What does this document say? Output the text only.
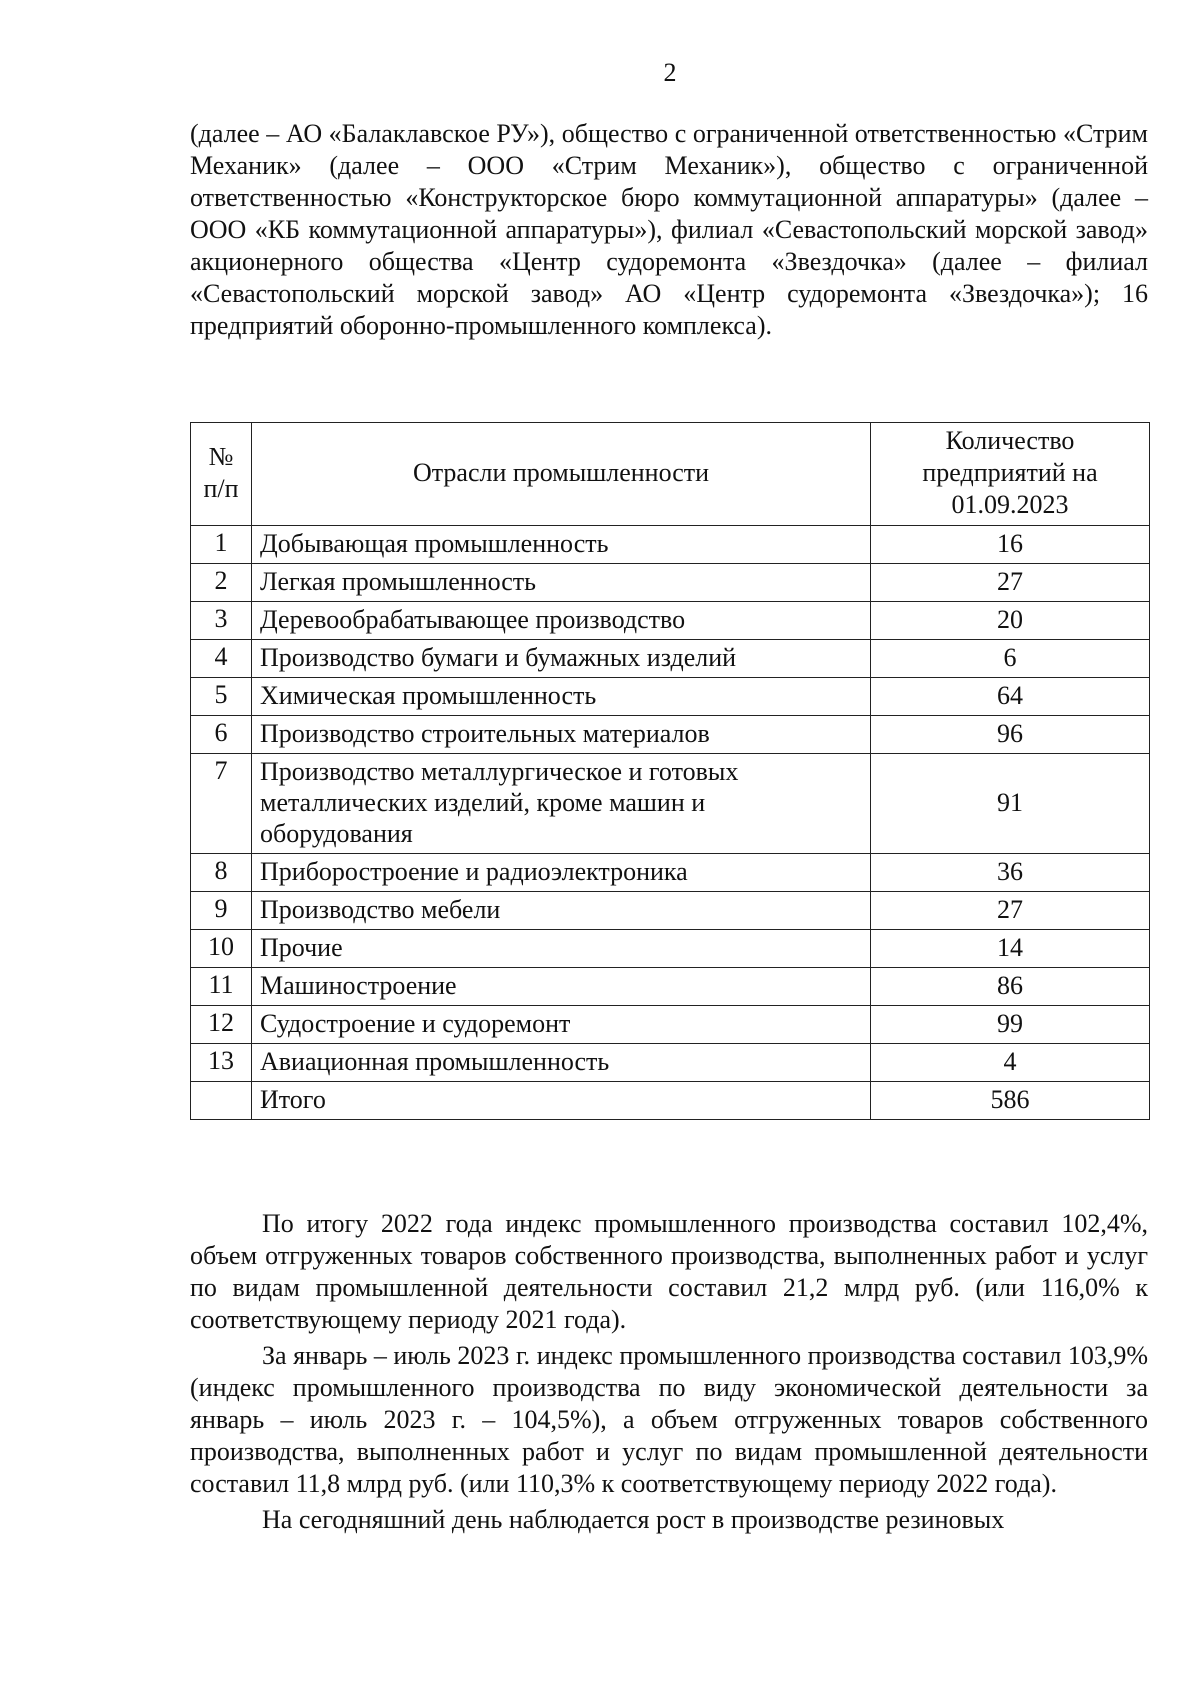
2

(далее – АО «Балаклавское РУ»), общество с ограниченной ответственностью «Стрим Механик» (далее – ООО «Стрим Механик»), общество с ограниченной ответственностью «Конструкторское бюро коммутационной аппаратуры» (далее – ООО «КБ коммутационной аппаратуры»), филиал «Севастопольский морской завод» акционерного общества «Центр судоремонта «Звездочка» (далее – филиал «Севастопольский морской завод» АО «Центр судоремонта «Звездочка»); 16 предприятий оборонно-промышленного комплекса).

№ п/п	Отрасли промышленности	Количество предприятий на 01.09.2023
1	Добывающая промышленность	16
2	Легкая промышленность	27
3	Деревообрабатывающее производство	20
4	Производство бумаги и бумажных изделий	6
5	Химическая промышленность	64
6	Производство строительных материалов	96
7	Производство металлургическое и готовых металлических изделий, кроме машин и оборудования	91
8	Приборостроение и радиоэлектроника	36
9	Производство мебели	27
10	Прочие	14
11	Машиностроение	86
12	Судостроение и судоремонт	99
13	Авиационная промышленность	4
	Итого	586

По итогу 2022 года индекс промышленного производства составил 102,4%, объем отгруженных товаров собственного производства, выполненных работ и услуг по видам промышленной деятельности составил 21,2 млрд руб. (или 116,0% к соответствующему периоду 2021 года).

За январь – июль 2023 г. индекс промышленного производства составил 103,9% (индекс промышленного производства по виду экономической деятельности за январь – июль 2023 г. – 104,5%), а объем отгруженных товаров собственного производства, выполненных работ и услуг по видам промышленной деятельности составил 11,8 млрд руб. (или 110,3% к соответствующему периоду 2022 года).

На сегодняшний день наблюдается рост в производстве резиновых
